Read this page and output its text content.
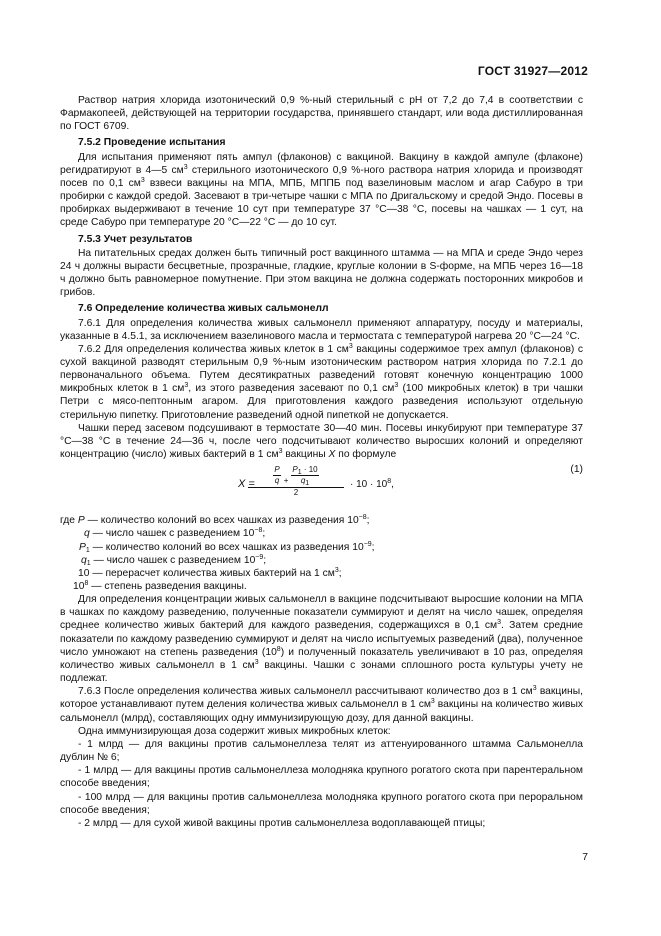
ГОСТ 31927—2012

Раствор натрия хлорида изотонический 0,9 %-ный стерильный с pH от 7,2 до 7,4 в соответствии с Фармакопеей, действующей на территории государства, принявшего стандарт, или вода дистиллированная по ГОСТ 6709.

7.5.2 Проведение испытания

Для испытания применяют пять ампул (флаконов) с вакциной. Вакцину в каждой ампуле (флаконе) регидратируют в 4—5 $см^3$ стерильного изотонического 0,9 %-ного раствора натрия хлорида и производят посев по 0,1 $см^3$ взвеси вакцины на МПА, МПБ, МППБ под вазелиновым маслом и агар Сабуро в три пробирки с каждой средой. Засевают в три-четыре чашки с МПА по Дригальскому и средой Эндо. Посевы в пробирках выдерживают в течение 10 сут при температуре 37 °С—38 °С, посевы на чашках — 1 сут, на среде Сабуро при температуре 20 °С—22 °С — до 10 сут.

7.5.3 Учет результатов

На питательных средах должен быть типичный рост вакцинного штамма — на МПА и среде Эндо через 24 ч должны вырасти бесцветные, прозрачные, гладкие, круглые колонии в S-форме, на МПБ через 16—18 ч должно быть равномерное помутнение. При этом вакцина не должна содержать посторонних микробов и грибов.

7.6 Определение количества живых сальмонелл

7.6.1 Для определения количества живых сальмонелл применяют аппаратуру, посуду и материалы, указанные в 4.5.1, за исключением вазелинового масла и термостата с температурой нагрева 20 °С—24 °С.

7.6.2 Для определения количества живых клеток в 1 $см^3$ вакцины содержимое трех ампул (флаконов) с сухой вакциной разводят стерильным 0,9 %-ным изотоническим раствором натрия хлорида по 7.2.1 до первоначального объема. Путем десятикратных разведений готовят конечную концентрацию 1000 микробных клеток в 1 $см^3$, из этого разведения засевают по 0,1 $см^3$ (100 микробных клеток) в три чашки Петри с мясо-пептонным агаром. Для приготовления каждого разведения используют отдельную стерильную пипетку. Приготовление разведений одной пипеткой не допускается.

Чашки перед засевом подсушивают в термостате 30—40 мин. Посевы инкубируют при температуре 37 °С—38 °С в течение 24—36 ч, после чего подсчитывают количество выросших колоний и определяют концентрацию (число) живых бактерий в 1 $см^3$ вакцины X по формуле

$X = \frac{P}{q} + \frac{P_1 \cdot 10}{q_1}$
2
· $10 \cdot 10^8$,
(1)

где P — количество колоний во всех чашках из разведения $10^{-8}$;

q — число чашек с разведением $10^{-8}$;

$P_1$ — количество колоний во всех чашках из разведения $10^{-9}$;

$q_1$ — число чашек с разведением $10^{-9}$;

10 — перерасчет количества живых бактерий на 1 $см^3$;

$10^8$ — степень разведения вакцины.

Для определения концентрации живых сальмонелл в вакцине подсчитывают выросшие колонии на МПА в чашках по каждому разведению, полученные показатели суммируют и делят на число чашек, определяя среднее количество живых бактерий для каждого разведения, содержащихся в 0,1 $см^3$. Затем средние показатели по каждому разведению суммируют и делят на число испытуемых разведений (два), полученное число умножают на степень разведения $(10^8)$ и полученный показатель увеличивают в 10 раз, определяя количество живых сальмонелл в 1 $см^3$ вакцины. Чашки с зонами сплошного роста культуры учету не подлежат.

7.6.3 После определения количества живых сальмонелл рассчитывают количество доз в 1 $см^3$ вакцины, которое устанавливают путем деления количества живых сальмонелл в 1 $см^3$ вакцины на количество живых сальмонелл (млрд), составляющих одну иммунизирующую дозу, для данной вакцины.

Одна иммунизирующая доза содержит живых микробных клеток:

- 1 млрд — для вакцины против сальмонеллеза телят из аттенуированного штамма Сальмонелла дублин № 6;

- 1 млрд — для вакцины против сальмонеллеза молодняка крупного рогатого скота при парентеральном способе введения;

- 100 млрд — для вакцины против сальмонеллеза молодняка крупного рогатого скота при пероральном способе введения;

- 2 млрд — для сухой живой вакцины против сальмонеллеза водоплавающей птицы;

7
